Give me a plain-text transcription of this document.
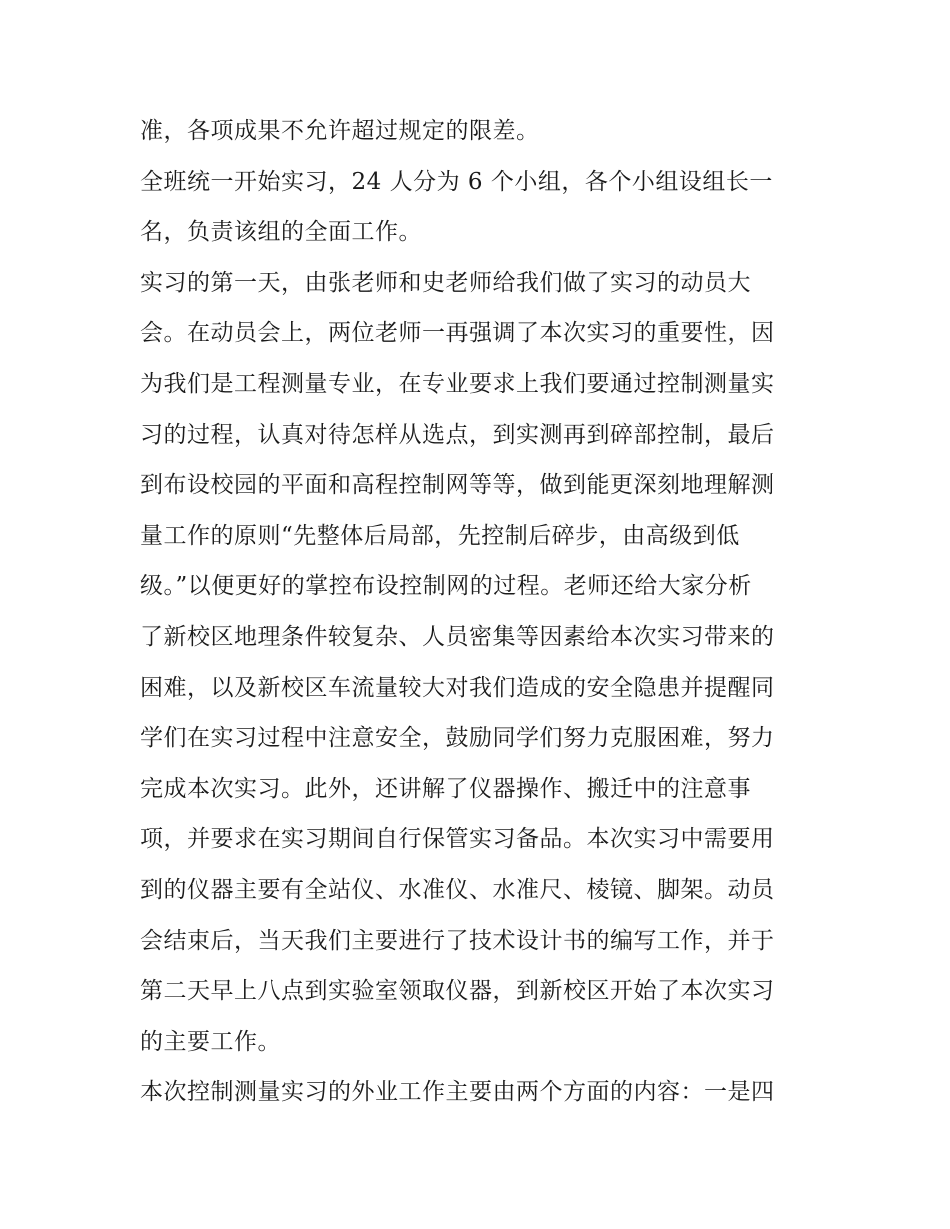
准，各项成果不允许超过规定的限差。
全班统一开始实习，24 人分为 6 个小组，各个小组设组长一
名，负责该组的全面工作。
实习的第一天，由张老师和史老师给我们做了实习的动员大
会。在动员会上，两位老师一再强调了本次实习的重要性，因
为我们是工程测量专业，在专业要求上我们要通过控制测量实
习的过程，认真对待怎样从选点，到实测再到碎部控制，最后
到布设校园的平面和高程控制网等等，做到能更深刻地理解测
量工作的原则“先整体后局部，先控制后碎步，由高级到低
级。”以便更好的掌控布设控制网的过程。老师还给大家分析
了新校区地理条件较复杂、人员密集等因素给本次实习带来的
困难，以及新校区车流量较大对我们造成的安全隐患并提醒同
学们在实习过程中注意安全，鼓励同学们努力克服困难，努力
完成本次实习。此外，还讲解了仪器操作、搬迁中的注意事
项，并要求在实习期间自行保管实习备品。本次实习中需要用
到的仪器主要有全站仪、水准仪、水准尺、棱镜、脚架。动员
会结束后，当天我们主要进行了技术设计书的编写工作，并于
第二天早上八点到实验室领取仪器，到新校区开始了本次实习
的主要工作。
本次控制测量实习的外业工作主要由两个方面的内容：一是四
